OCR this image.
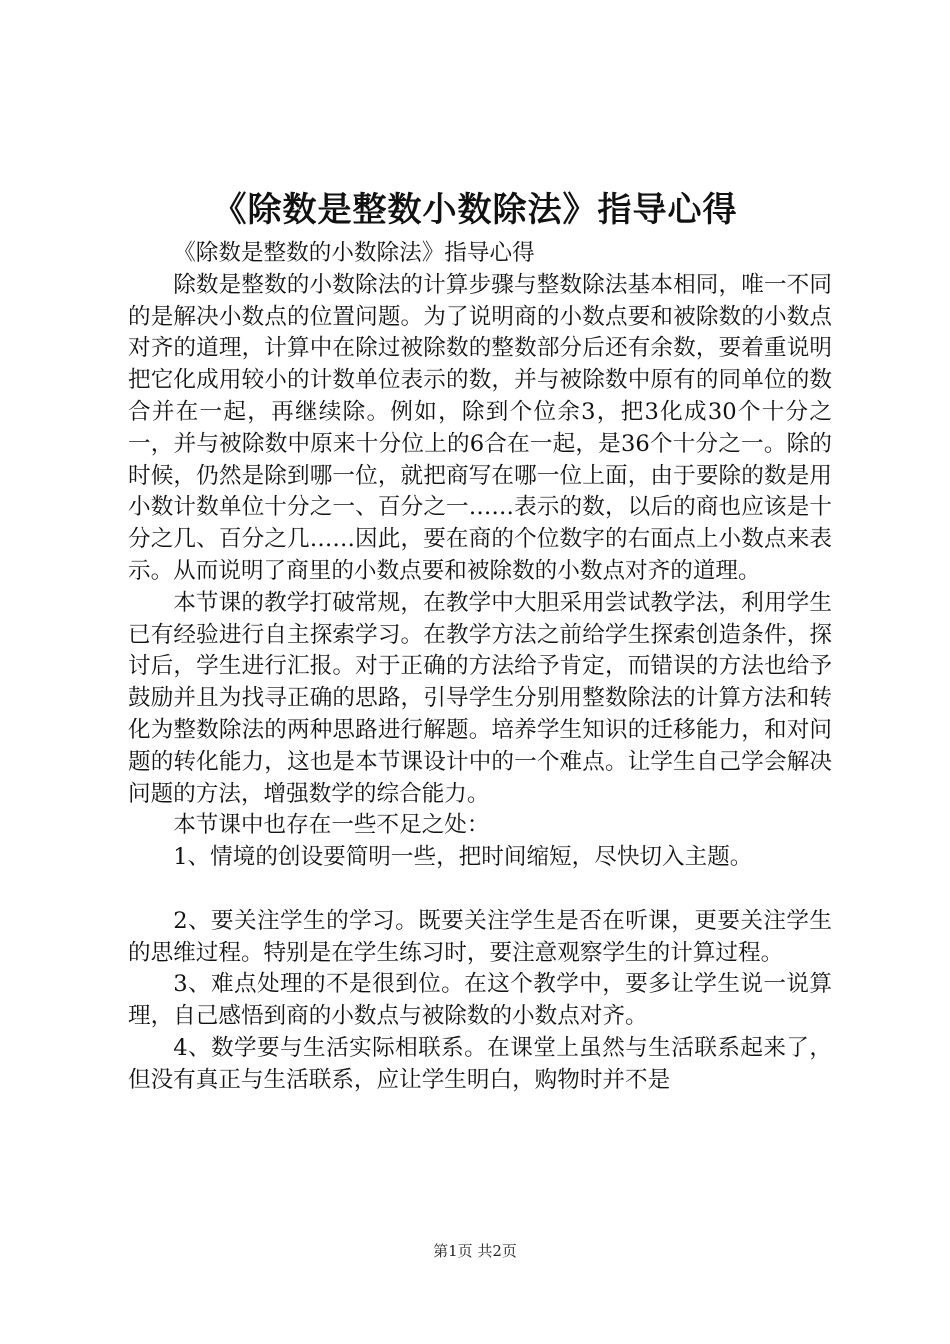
《除数是整数小数除法》指导心得

《除数是整数的小数除法》指导心得

除数是整数的小数除法的计算步骤与整数除法基本相同，唯一不同的是解决小数点的位置问题。为了说明商的小数点要和被除数的小数点对齐的道理，计算中在除过被除数的整数部分后还有余数，要着重说明把它化成用较小的计数单位表示的数，并与被除数中原有的同单位的数合并在一起，再继续除。例如，除到个位余3，把3化成30个十分之一，并与被除数中原来十分位上的6合在一起，是36个十分之一。除的时候，仍然是除到哪一位，就把商写在哪一位上面，由于要除的数是用小数计数单位十分之一、百分之一……表示的数，以后的商也应该是十分之几、百分之几……因此，要在商的个位数字的右面点上小数点来表示。从而说明了商里的小数点要和被除数的小数点对齐的道理。

本节课的教学打破常规，在教学中大胆采用尝试教学法，利用学生已有经验进行自主探索学习。在教学方法之前给学生探索创造条件，探讨后，学生进行汇报。对于正确的方法给予肯定，而错误的方法也给予鼓励并且为找寻正确的思路，引导学生分别用整数除法的计算方法和转化为整数除法的两种思路进行解题。培养学生知识的迁移能力，和对问题的转化能力，这也是本节课设计中的一个难点。让学生自己学会解决问题的方法，增强数学的综合能力。

本节课中也存在一些不足之处：

1、情境的创设要简明一些，把时间缩短，尽快切入主题。

2、要关注学生的学习。既要关注学生是否在听课，更要关注学生的思维过程。特别是在学生练习时，要注意观察学生的计算过程。

3、难点处理的不是很到位。在这个教学中，要多让学生说一说算理，自己感悟到商的小数点与被除数的小数点对齐。

4、数学要与生活实际相联系。在课堂上虽然与生活联系起来了，但没有真正与生活联系，应让学生明白，购物时并不是

第1页 共2页
